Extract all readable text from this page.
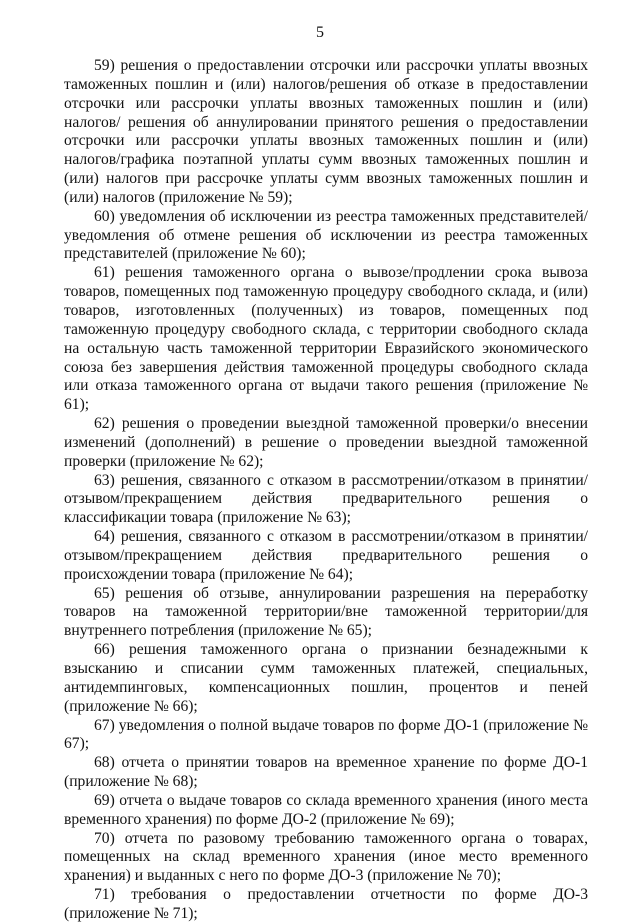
5

59) решения о предоставлении отсрочки или рассрочки уплаты ввозных таможенных пошлин и (или) налогов/решения об отказе в предоставлении отсрочки или рассрочки уплаты ввозных таможенных пошлин и (или) налогов/ решения об аннулировании принятого решения о предоставлении отсрочки или рассрочки уплаты ввозных таможенных пошлин и (или) налогов/графика поэтапной уплаты сумм ввозных таможенных пошлин и (или) налогов при рассрочке уплаты сумм ввозных таможенных пошлин и (или) налогов (приложение № 59);

60) уведомления об исключении из реестра таможенных представителей/ уведомления об отмене решения об исключении из реестра таможенных представителей (приложение № 60);

61) решения таможенного органа о вывозе/продлении срока вывоза товаров, помещенных под таможенную процедуру свободного склада, и (или) товаров, изготовленных (полученных) из товаров, помещенных под таможенную процедуру свободного склада, с территории свободного склада на остальную часть таможенной территории Евразийского экономического союза без завершения действия таможенной процедуры свободного склада или отказа таможенного органа от выдачи такого решения (приложение № 61);

62) решения о проведении выездной таможенной проверки/о внесении изменений (дополнений) в решение о проведении выездной таможенной проверки (приложение № 62);

63) решения, связанного с отказом в рассмотрении/отказом в принятии/отзывом/прекращением действия предварительного решения о классификации товара (приложение № 63);

64) решения, связанного с отказом в рассмотрении/отказом в принятии/отзывом/прекращением действия предварительного решения о происхождении товара (приложение № 64);

65) решения об отзыве, аннулировании разрешения на переработку товаров на таможенной территории/вне таможенной территории/для внутреннего потребления (приложение № 65);

66) решения таможенного органа о признании безнадежными к взысканию и списании сумм таможенных платежей, специальных, антидемпинговых, компенсационных пошлин, процентов и пеней (приложение № 66);

67) уведомления о полной выдаче товаров по форме ДО-1 (приложение № 67);

68) отчета о принятии товаров на временное хранение по форме ДО-1 (приложение № 68);

69) отчета о выдаче товаров со склада временного хранения (иного места временного хранения) по форме ДО-2 (приложение № 69);

70) отчета по разовому требованию таможенного органа о товарах, помещенных на склад временного хранения (иное место временного хранения) и выданных с него по форме ДО-3 (приложение № 70);

71) требования о предоставлении отчетности по форме ДО-3 (приложение № 71);
